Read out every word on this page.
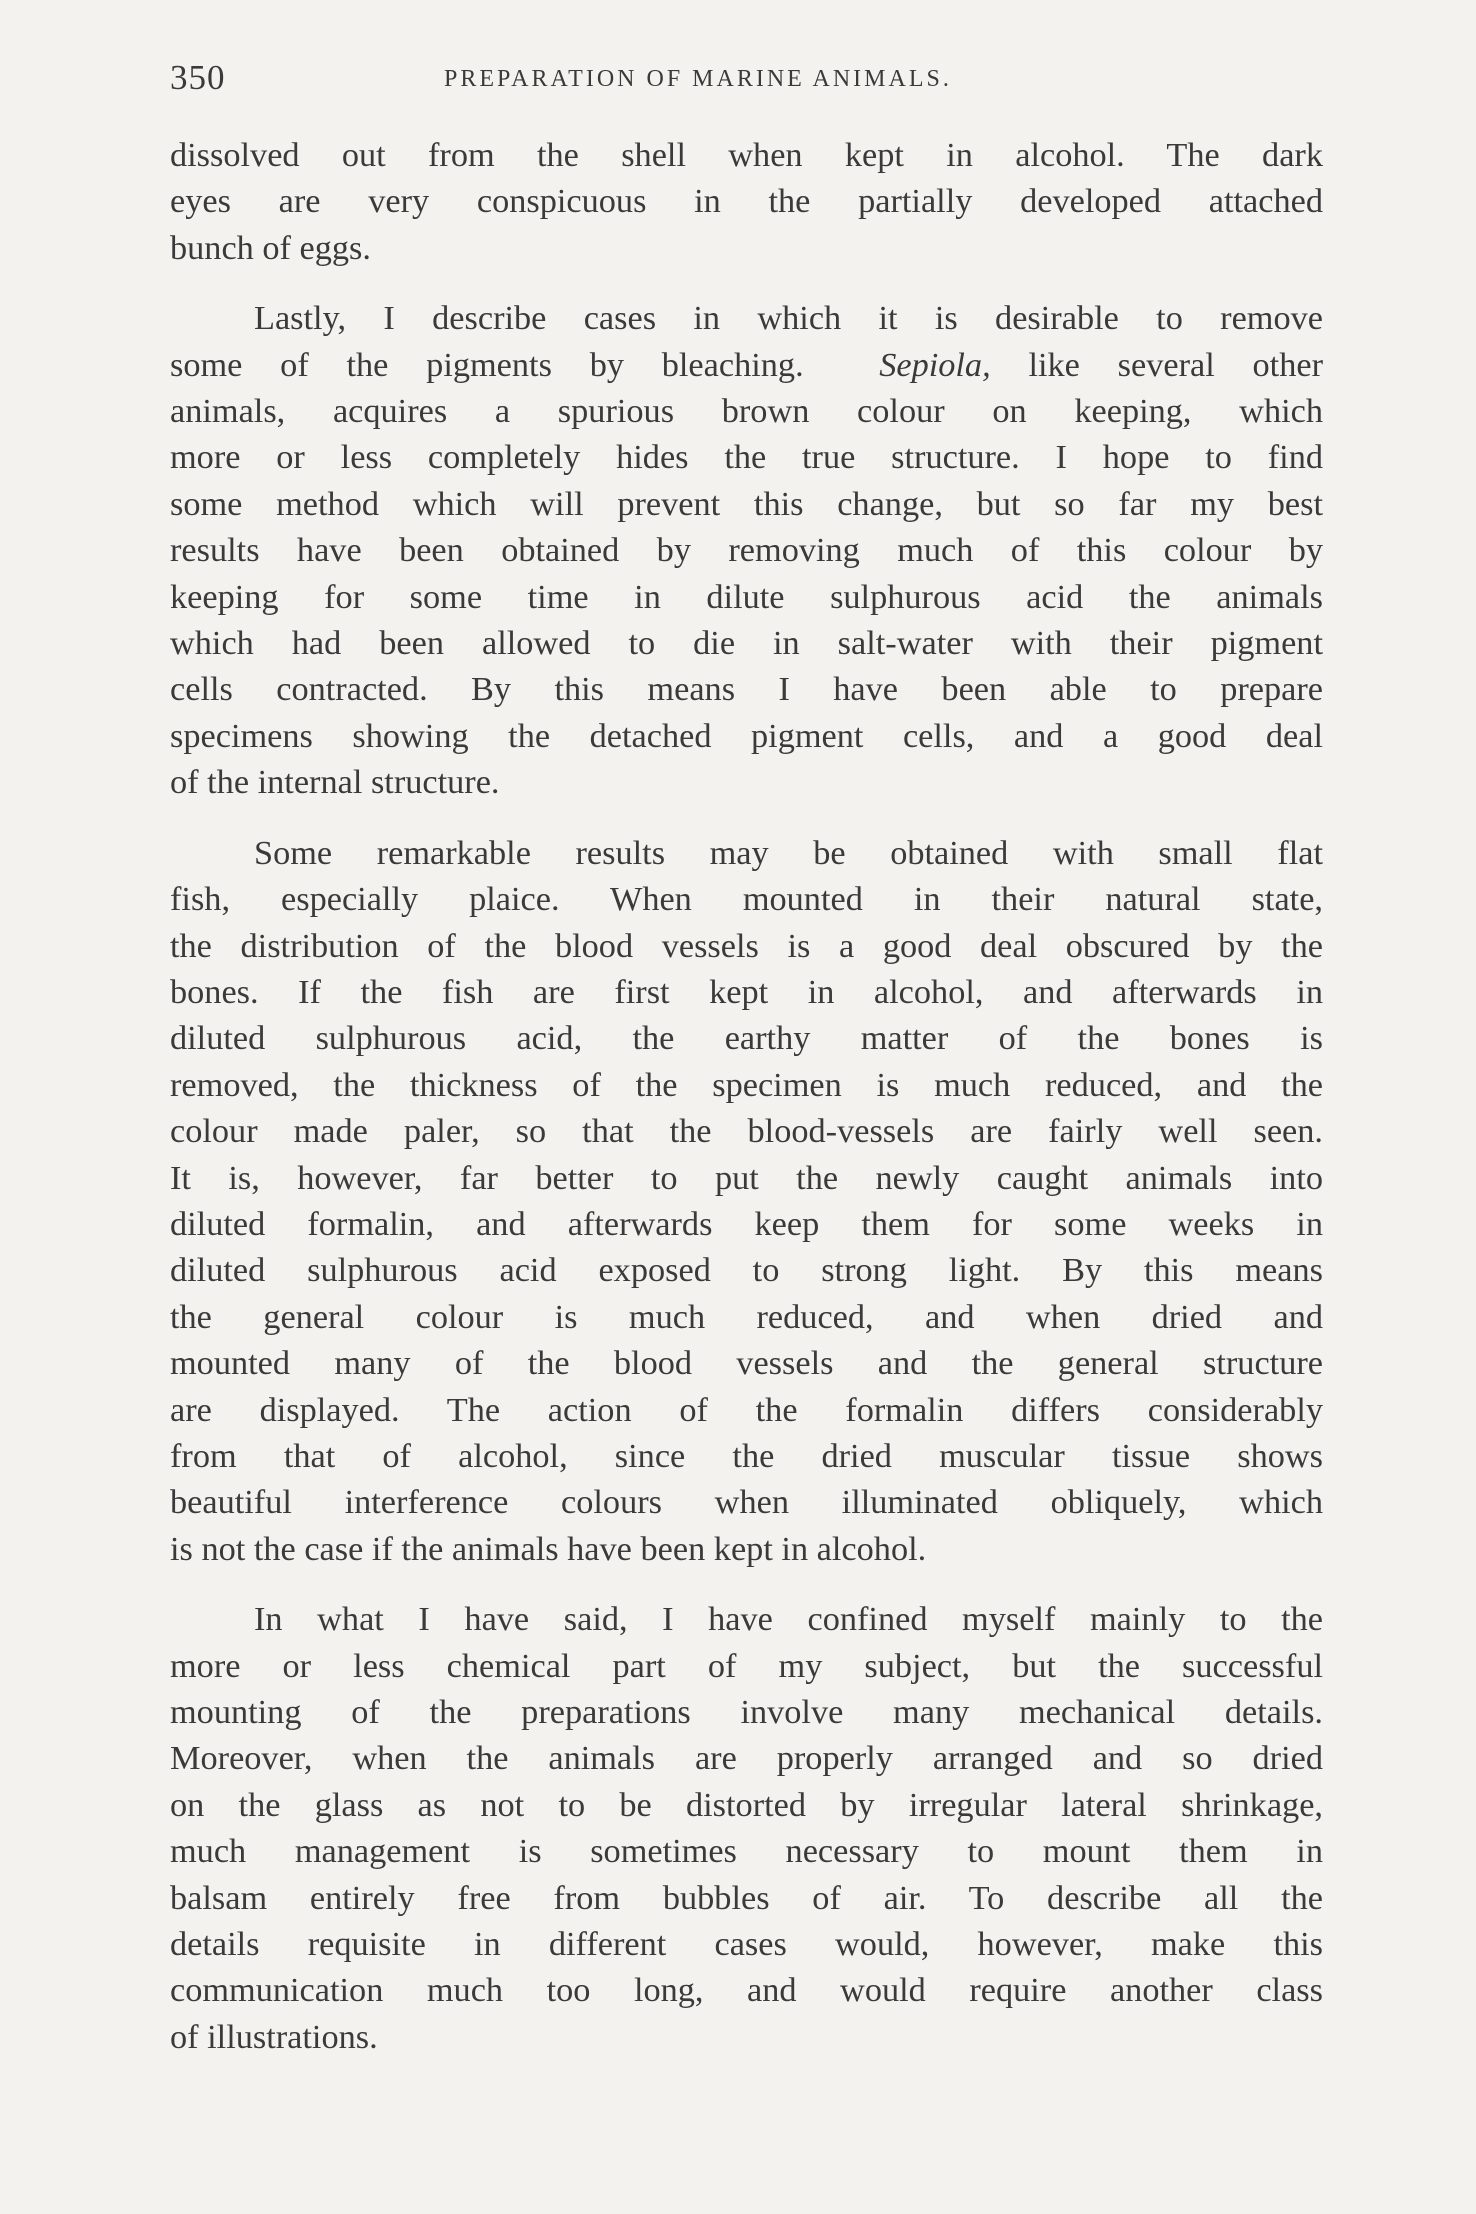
350	PREPARATION OF MARINE ANIMALS.

dissolved out from the shell when kept in alcohol. The dark
eyes are very conspicuous in the partially developed attached
bunch of eggs.

Lastly, I describe cases in which it is desirable to remove
some of the pigments by bleaching. Sepiola, like several other
animals, acquires a spurious brown colour on keeping, which
more or less completely hides the true structure. I hope to find
some method which will prevent this change, but so far my best
results have been obtained by removing much of this colour by
keeping for some time in dilute sulphurous acid the animals
which had been allowed to die in salt-water with their pigment
cells contracted. By this means I have been able to prepare
specimens showing the detached pigment cells, and a good deal
of the internal structure.

Some remarkable results may be obtained with small flat
fish, especially plaice. When mounted in their natural state,
the distribution of the blood vessels is a good deal obscured by the
bones. If the fish are first kept in alcohol, and afterwards in
diluted sulphurous acid, the earthy matter of the bones is
removed, the thickness of the specimen is much reduced, and the
colour made paler, so that the blood-vessels are fairly well seen.
It is, however, far better to put the newly caught animals into
diluted formalin, and afterwards keep them for some weeks in
diluted sulphurous acid exposed to strong light. By this means
the general colour is much reduced, and when dried and
mounted many of the blood vessels and the general structure
are displayed. The action of the formalin differs considerably
from that of alcohol, since the dried muscular tissue shows
beautiful interference colours when illuminated obliquely, which
is not the case if the animals have been kept in alcohol.

In what I have said, I have confined myself mainly to the
more or less chemical part of my subject, but the successful
mounting of the preparations involve many mechanical details.
Moreover, when the animals are properly arranged and so dried
on the glass as not to be distorted by irregular lateral shrinkage,
much management is sometimes necessary to mount them in
balsam entirely free from bubbles of air. To describe all the
details requisite in different cases would, however, make this
communication much too long, and would require another class
of illustrations.
